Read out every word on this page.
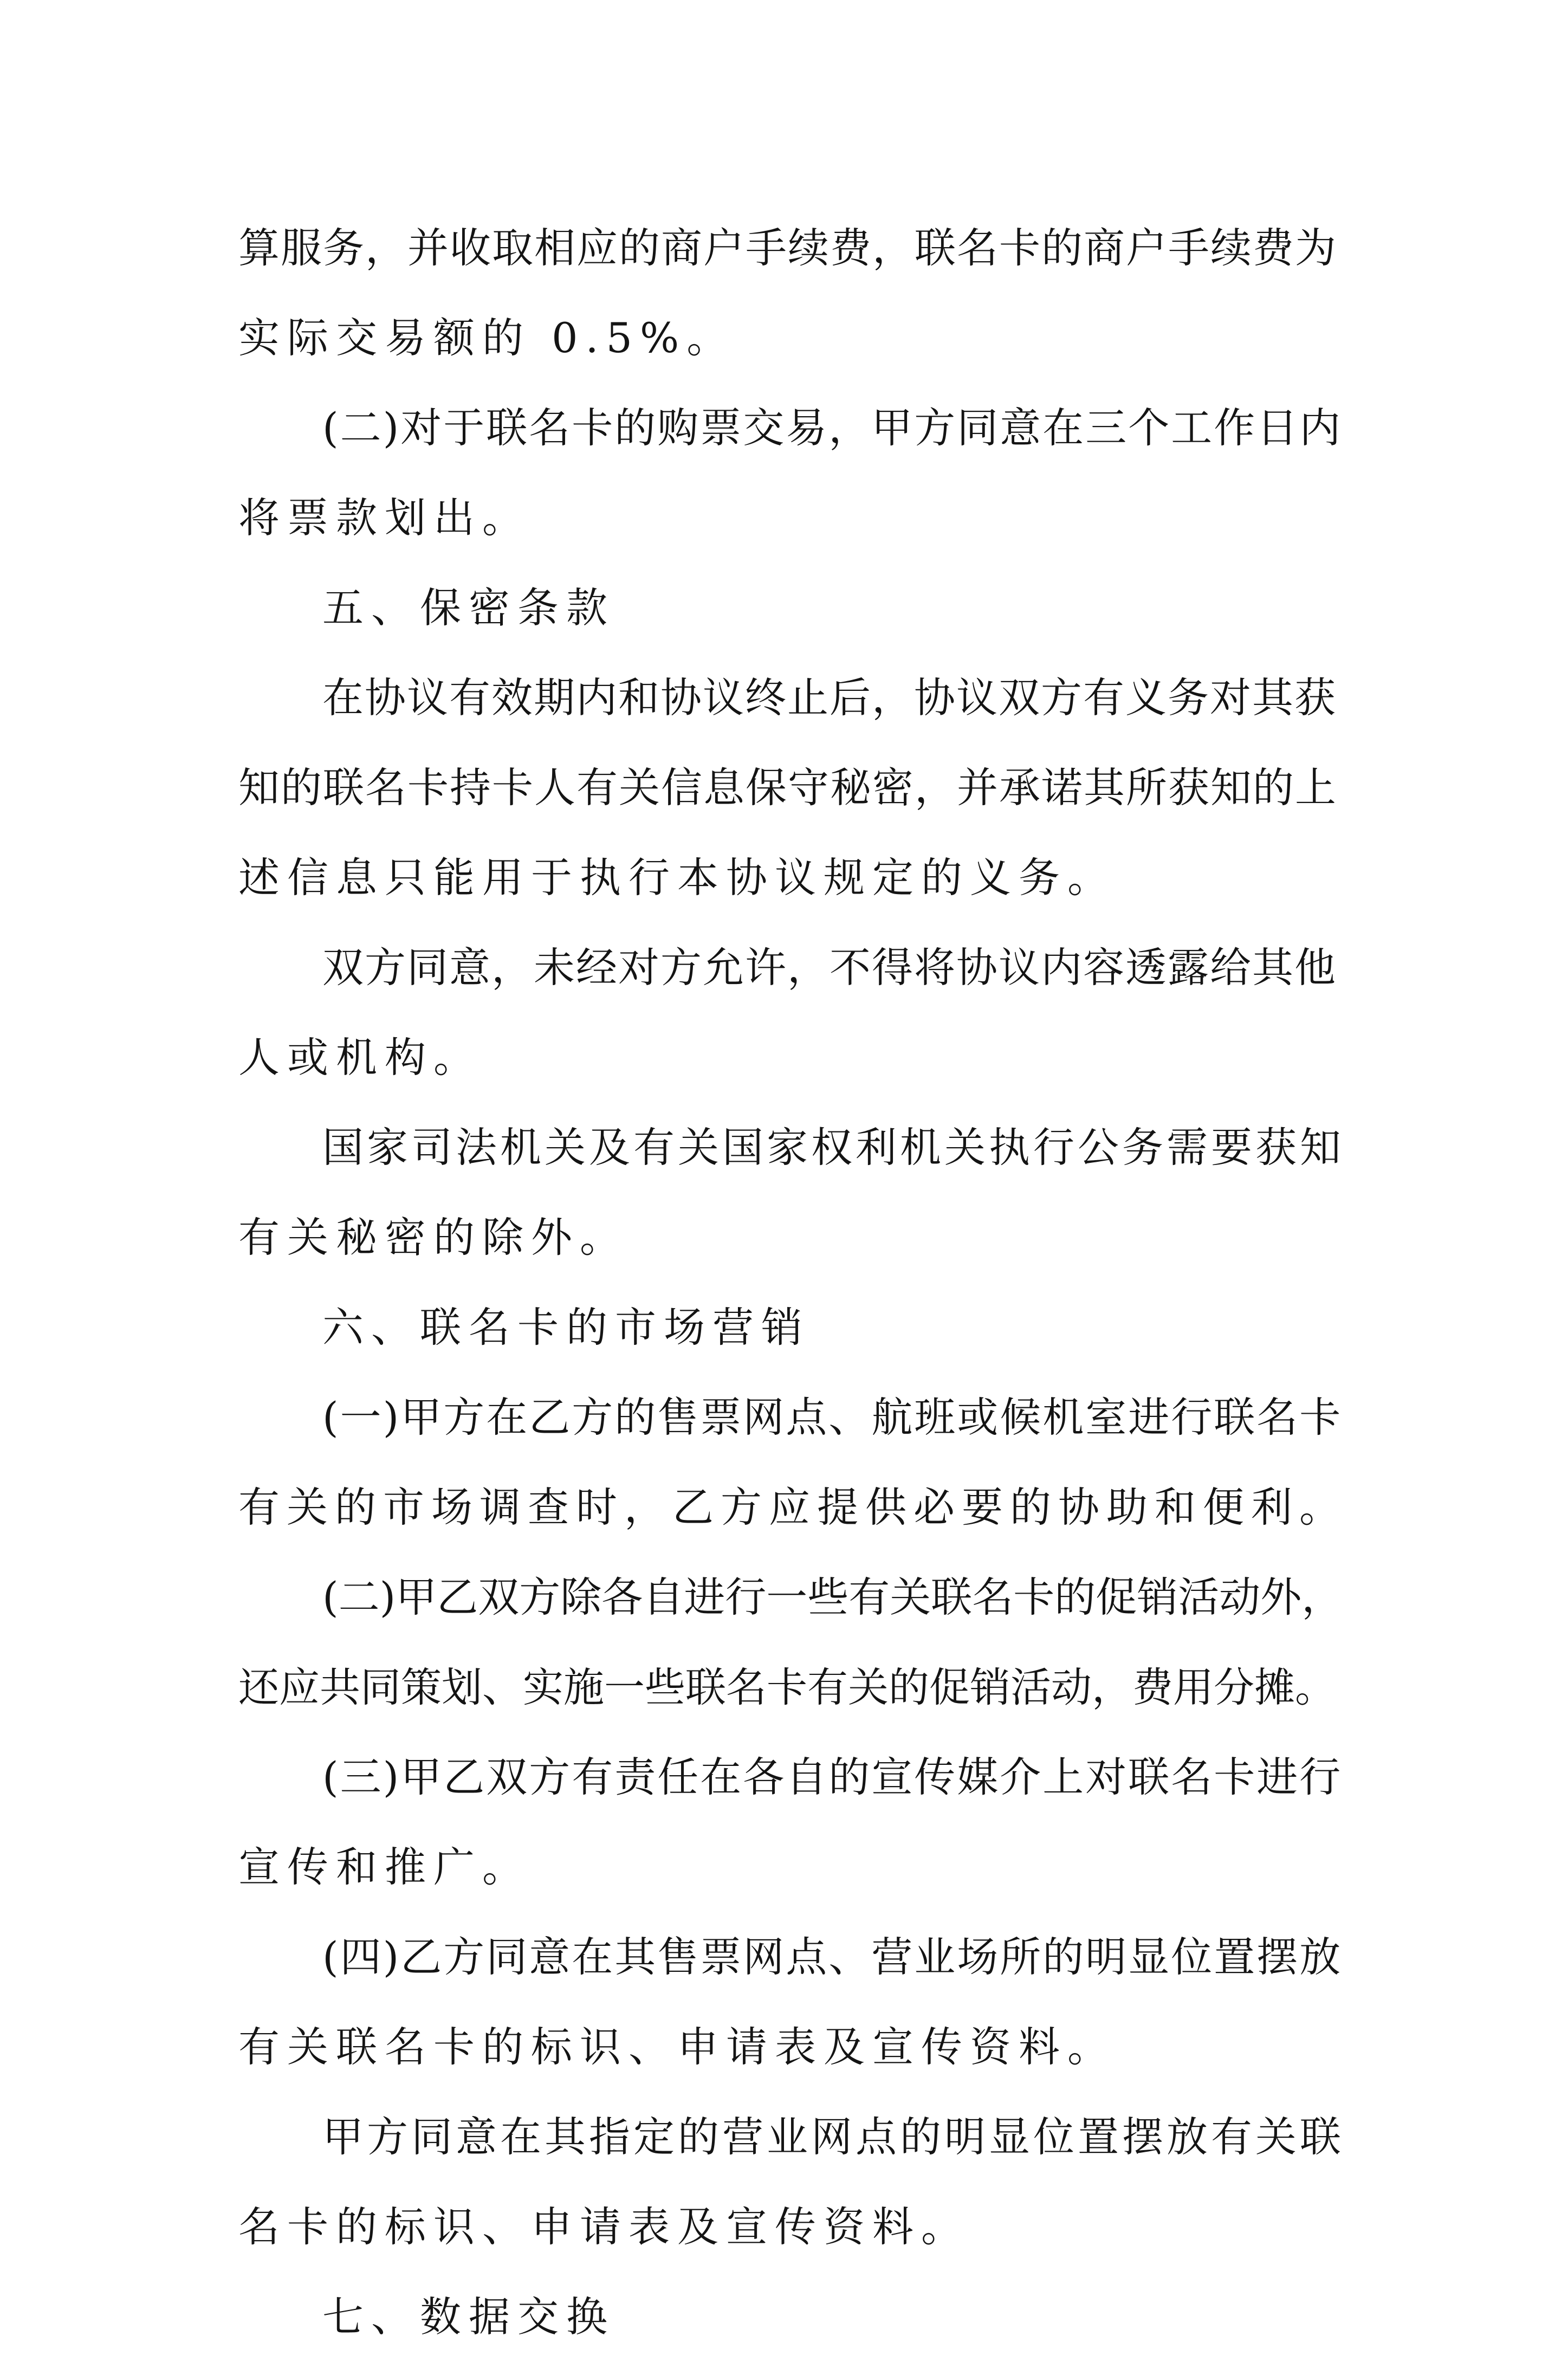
算服务，并收取相应的商户手续费，联名卡的商户手续费为
实际交易额的 0.5%。
(二)对于联名卡的购票交易，甲方同意在三个工作日内
将票款划出。
五、保密条款
在协议有效期内和协议终止后，协议双方有义务对其获
知的联名卡持卡人有关信息保守秘密，并承诺其所获知的上
述信息只能用于执行本协议规定的义务。
双方同意，未经对方允许，不得将协议内容透露给其他
人或机构。
国家司法机关及有关国家权利机关执行公务需要获知
有关秘密的除外。
六、联名卡的市场营销
(一)甲方在乙方的售票网点、航班或候机室进行联名卡
有关的市场调查时，乙方应提供必要的协助和便利。
(二)甲乙双方除各自进行一些有关联名卡的促销活动外，
还应共同策划、实施一些联名卡有关的促销活动，费用分摊。
(三)甲乙双方有责任在各自的宣传媒介上对联名卡进行
宣传和推广。
(四)乙方同意在其售票网点、营业场所的明显位置摆放
有关联名卡的标识、申请表及宣传资料。
甲方同意在其指定的营业网点的明显位置摆放有关联
名卡的标识、申请表及宣传资料。
七、数据交换
